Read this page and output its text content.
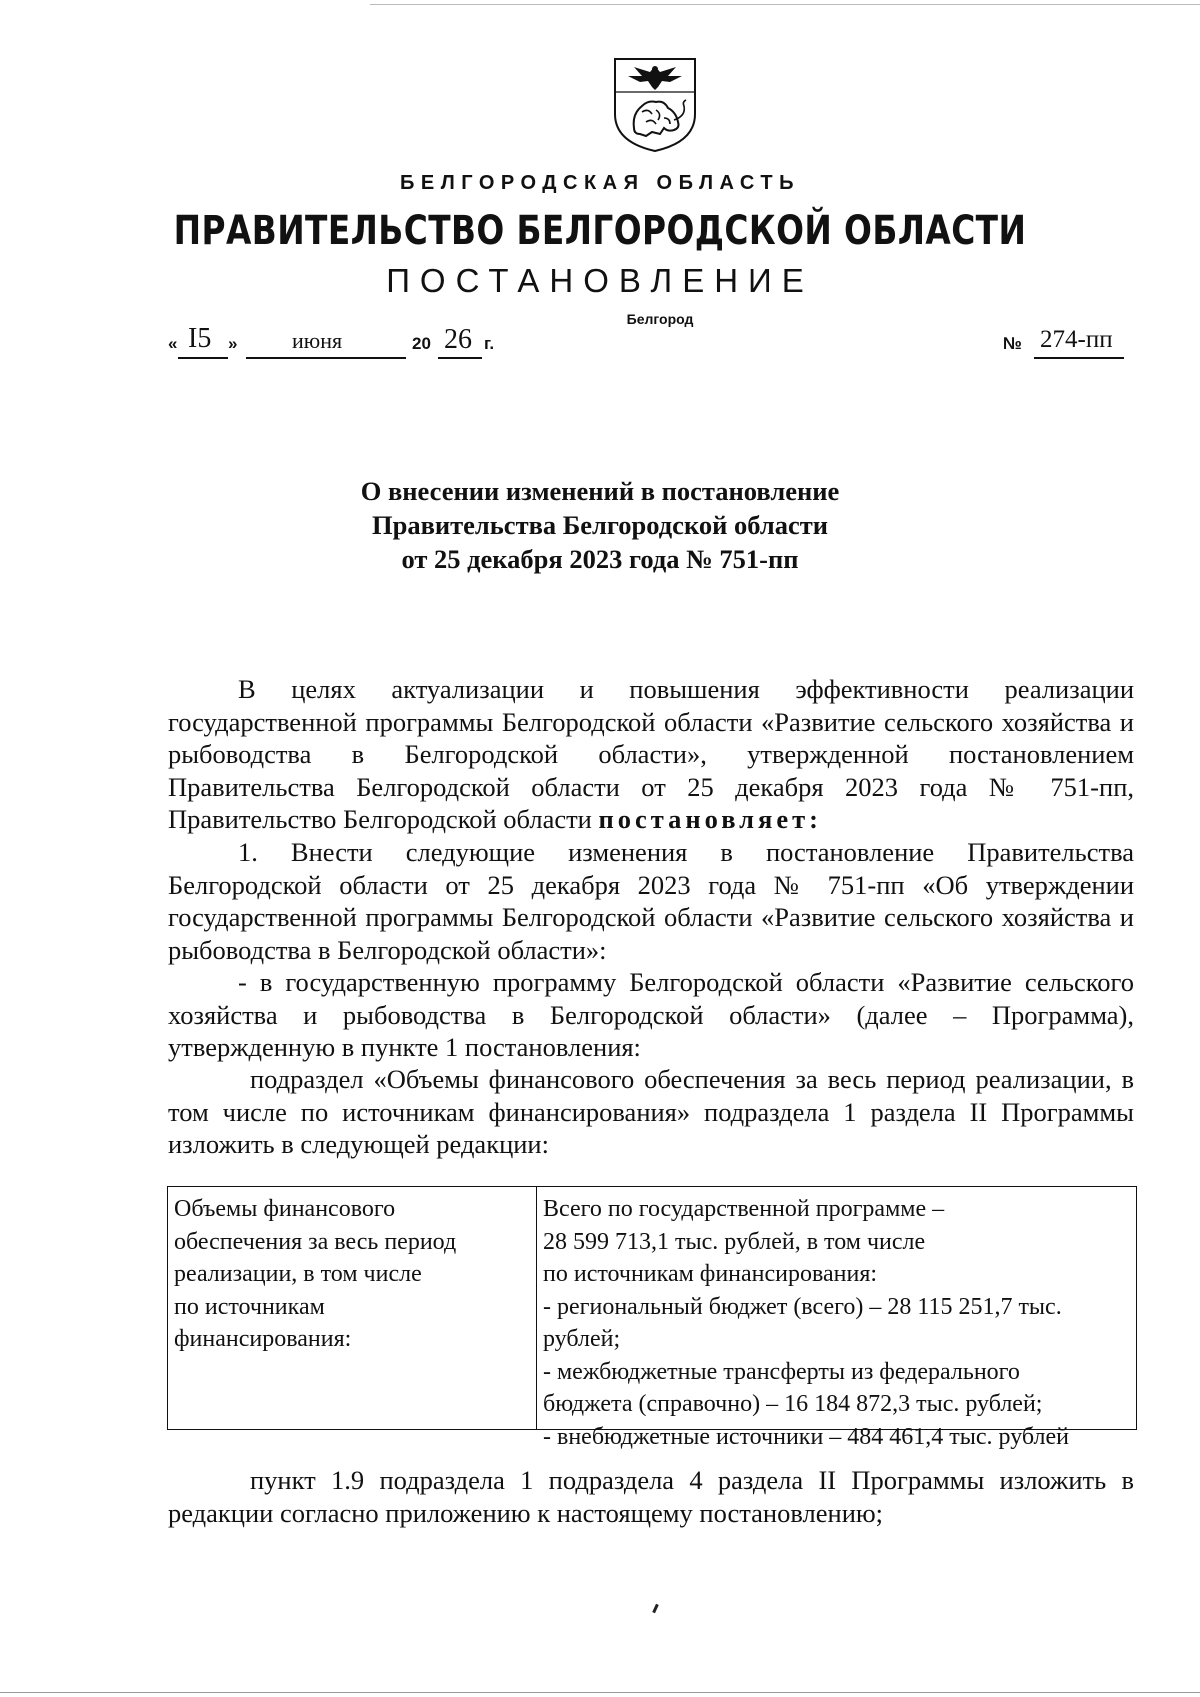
БЕЛГОРОДСКАЯ ОБЛАСТЬ
ПРАВИТЕЛЬСТВО БЕЛГОРОДСКОЙ ОБЛАСТИ
ПОСТАНОВЛЕНИЕ
Белгород
« I5 » июня	20 26 г.	№ 274-пп
О внесении изменений в постановление
Правительства Белгородской области
от 25 декабря 2023 года № 751-пп
В целях актуализации и повышения эффективности реализации государственной программы Белгородской области «Развитие сельского хозяйства и рыбоводства в Белгородской области», утвержденной постановлением Правительства Белгородской области от 25 декабря 2023 года № 751-пп, Правительство Белгородской области постановляет:
1. Внести следующие изменения в постановление Правительства Белгородской области от 25 декабря 2023 года № 751-пп «Об утверждении государственной программы Белгородской области «Развитие сельского хозяйства и рыбоводства в Белгородской области»:
- в государственную программу Белгородской области «Развитие сельского хозяйства и рыбоводства в Белгородской области» (далее – Программа), утвержденную в пункте 1 постановления:
подраздел «Объемы финансового обеспечения за весь период реализации, в том числе по источникам финансирования» подраздела 1 раздела II Программы изложить в следующей редакции:
Объемы финансового
обеспечения за весь период
реализации, в том числе
по источникам
финансирования:
Всего по государственной программе –
28 599 713,1 тыс. рублей, в том числе
по источникам финансирования:
- региональный бюджет (всего) – 28 115 251,7 тыс.
рублей;
- межбюджетные трансферты из федерального
бюджета (справочно) – 16 184 872,3 тыс. рублей;
- внебюджетные источники – 484 461,4 тыс. рублей
пункт 1.9 подраздела 1 подраздела 4 раздела II Программы изложить в редакции согласно приложению к настоящему постановлению;
